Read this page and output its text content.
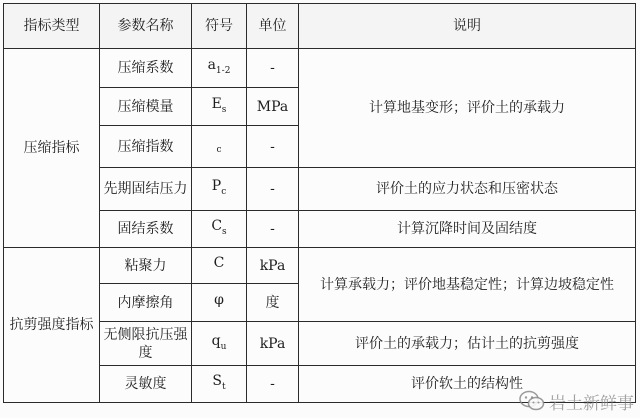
指标类型	参数名称	符号	单位	说明
压缩指标	压缩系数	$a_{1-2}$	-	计算地基变形；评价土的承载力
	压缩模量	$E_s$	MPa	
	压缩指数	$_c$	-	
	先期固结压力	$P_c$	-	评价土的应力状态和压密状态
	固结系数	$C_s$	-	计算沉降时间及固结度
抗剪强度指标	粘聚力	C	kPa	计算承载力；评价地基稳定性；计算边坡稳定性
	内摩擦角	φ	度	
	无侧限抗压强度	$q_u$	kPa	评价土的承载力；估计土的抗剪强度
	灵敏度	$S_t$	-	评价软土的结构性
岩土新鲜事
